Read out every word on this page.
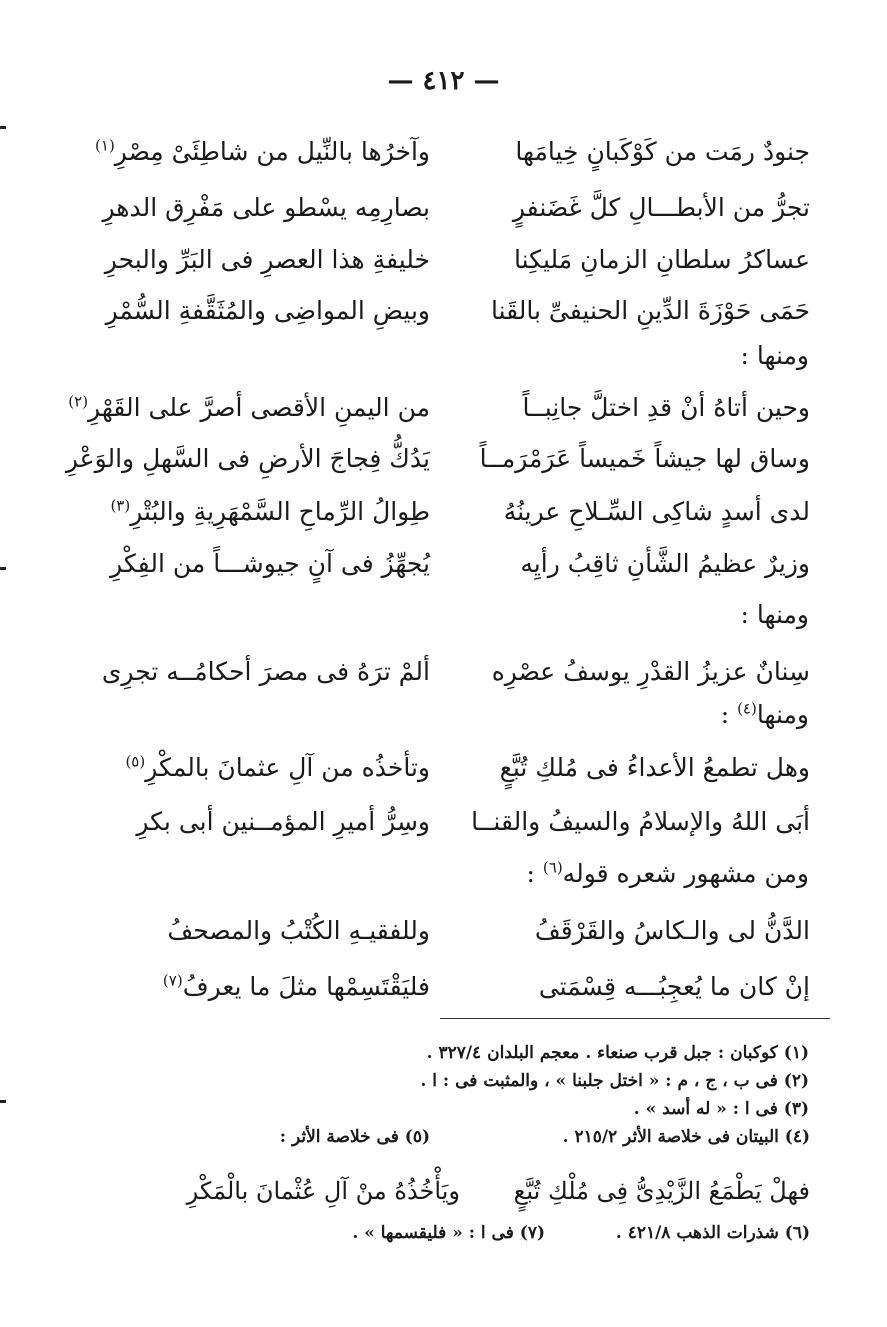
— ٤١٢ —
جنودٌ رمَت من كَوْكَبانٍ خِيامَها
وآخرُها بالنِّيل من شاطِئَىْ مِصْرِ$^{(١)}$
تجرُّ من الأبطـــالِ كلَّ غَضَنفرٍ
بصارِمِه يسْطو على مَفْرِق الدهرِ
عساكرُ سلطانِ الزمانِ مَليكِنا
خليفةِ هذا العصرِ فى البَرِّ والبحرِ
حَمَى حَوْزَةَ الدِّينِ الحنيفىِّ بالقَنا
وبيضِ المواضِى والمُثَقَّفةِ السُّمْرِ
ومنها :
وحين أتاهُ أنْ قدِ اختلَّ جانِبــاً
من اليمنِ الأقصى أصرَّ على القَهْرِ$^{(٢)}$
وساق لها جيشاً خَميساً عَرَمْرَمــاً
يَدُكُّ فِجاجَ الأرضِ فى السَّهلِ والوَعْرِ
لدى أسدٍ شاكِى السِّـلاحِ عرينُهُ
طِوالُ الرِّماحِ السَّمْهَرِيةِ والبُتْرِ$^{(٣)}$
وزيرٌ عظيمُ الشَّأنِ ثاقِبُ رأيِه
يُجهِّزُ فى آنٍ جيوشـــاً من الفِكْرِ
ومنها :
سِنانٌ عزيزُ القدْرِ يوسفُ عصْرِه
ألمْ ترَهُ فى مصرَ أحكامُــه تجرِى
ومنها$^{(٤)}$ :
وهل تطمعُ الأعداءُ فى مُلكِ تُبَّعٍ
وتأخذُه من آلِ عثمانَ بالمكْرِ$^{(٥)}$
أبَى اللهُ والإسلامُ والسيفُ والقنــا
وسِرُّ أميرِ المؤمــنين أبى بكرِ
ومن مشهور شعره قوله$^{(٦)}$ :
الدَّنُّ لى والـكاسُ والقَرْقَفُ
وللفقيـهِ الكُتْبُ والمصحفُ
إنْ كان ما يُعجِبُـــه قِسْمَتى
فليَقْتَسِمْها مثلَ ما يعرفُ$^{(٧)}$
(١) كوكبان : جبل قرب صنعاء . معجم البلدان ٣٢٧/٤ .
(٢) فى ب ، ج ، م : « اختل جلبنا » ، والمثبت فى : ا .
(٣) فى ا : « له أسد » .
(٤) البيتان فى خلاصة الأثر ٢١٥/٢ .
(٥) فى خلاصة الأثر :
فهلْ يَطْمَعُ الزَّيْدِىُّ فِى مُلْكِ تُبَّعٍ
ويَأْخُذُهُ منْ آلِ عُثْمانَ بالْمَكْرِ
(٦) شذرات الذهب ٤٢١/٨ .
(٧) فى ا : « فليقسمها » .
